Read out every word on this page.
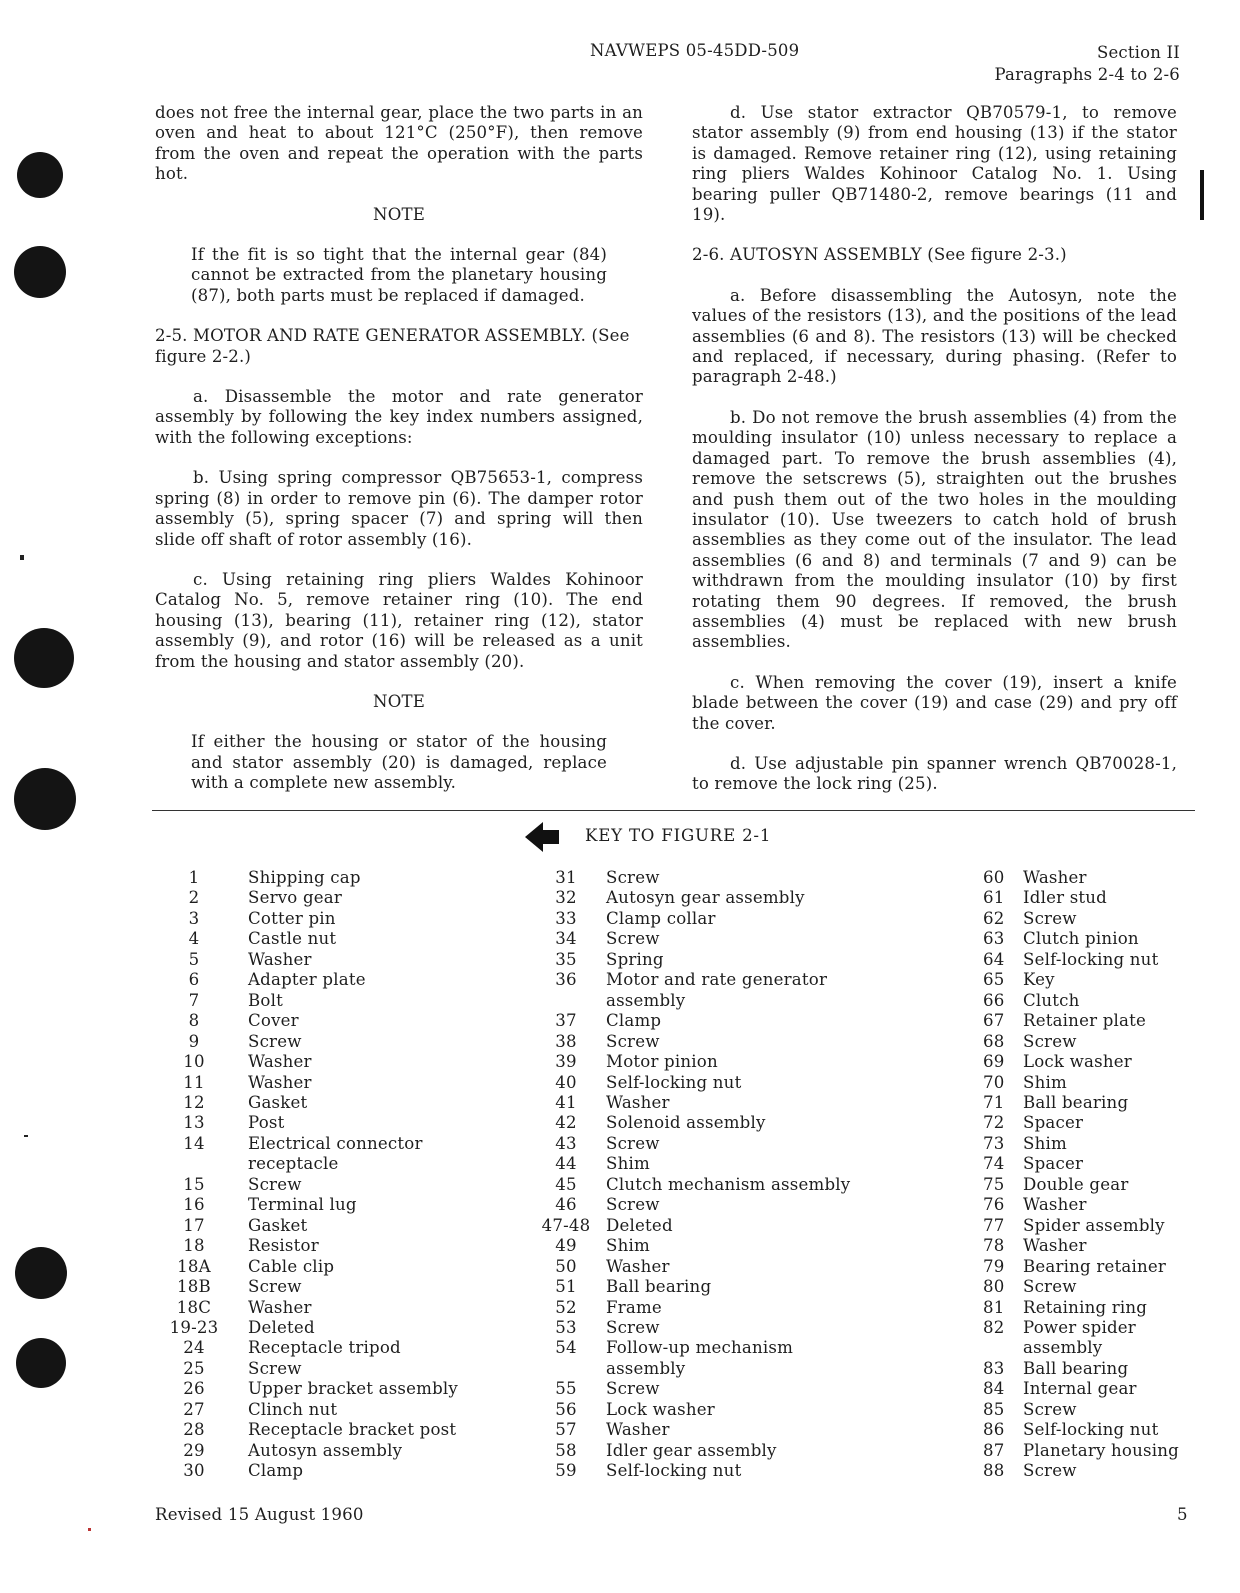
NAVWEPS 05-45DD-509	Section II
Paragraphs 2-4 to 2-6

does not free the internal gear, place the two parts in an oven and heat to about 121°C (250°F), then remove from the oven and repeat the operation with the parts hot.

NOTE
If the fit is so tight that the internal gear (84) cannot be extracted from the planetary housing (87), both parts must be replaced if damaged.

2-5. MOTOR AND RATE GENERATOR ASSEMBLY. (See figure 2-2.)

a. Disassemble the motor and rate generator assembly by following the key index numbers assigned, with the following exceptions:

b. Using spring compressor QB75653-1, compress spring (8) in order to remove pin (6). The damper rotor assembly (5), spring spacer (7) and spring will then slide off shaft of rotor assembly (16).

c. Using retaining ring pliers Waldes Kohinoor Catalog No. 5, remove retainer ring (10). The end housing (13), bearing (11), retainer ring (12), stator assembly (9), and rotor (16) will be released as a unit from the housing and stator assembly (20).

NOTE
If either the housing or stator of the housing and stator assembly (20) is damaged, replace with a complete new assembly.

d. Use stator extractor QB70579-1, to remove stator assembly (9) from end housing (13) if the stator is damaged. Remove retainer ring (12), using retaining ring pliers Waldes Kohinoor Catalog No. 1. Using bearing puller QB71480-2, remove bearings (11 and 19).

2-6. AUTOSYN ASSEMBLY (See figure 2-3.)

a. Before disassembling the Autosyn, note the values of the resistors (13), and the positions of the lead assemblies (6 and 8). The resistors (13) will be checked and replaced, if necessary, during phasing. (Refer to paragraph 2-48.)

b. Do not remove the brush assemblies (4) from the moulding insulator (10) unless necessary to replace a damaged part. To remove the brush assemblies (4), remove the setscrews (5), straighten out the brushes and push them out of the two holes in the moulding insulator (10). Use tweezers to catch hold of brush assemblies as they come out of the insulator. The lead assemblies (6 and 8) and terminals (7 and 9) can be withdrawn from the moulding insulator (10) by first rotating them 90 degrees. If removed, the brush assemblies (4) must be replaced with new brush assemblies.

c. When removing the cover (19), insert a knife blade between the cover (19) and case (29) and pry off the cover.

d. Use adjustable pin spanner wrench QB70028-1, to remove the lock ring (25).

KEY TO FIGURE 2-1
1	Shipping cap
2	Servo gear
3	Cotter pin
4	Castle nut
5	Washer
6	Adapter plate
7	Bolt
8	Cover
9	Screw
10	Washer
11	Washer
12	Gasket
13	Post
14	Electrical connector
receptacle
15	Screw
16	Terminal lug
17	Gasket
18	Resistor
18A	Cable clip
18B	Screw
18C	Washer
19-23	Deleted
24	Receptacle tripod
25	Screw
26	Upper bracket assembly
27	Clinch nut
28	Receptacle bracket post
29	Autosyn assembly
30	Clamp
31	Screw
32	Autosyn gear assembly
33	Clamp collar
34	Screw
35	Spring
36	Motor and rate generator
assembly
37	Clamp
38	Screw
39	Motor pinion
40	Self-locking nut
41	Washer
42	Solenoid assembly
43	Screw
44	Shim
45	Clutch mechanism assembly
46	Screw
47-48 Deleted
49	Shim
50	Washer
51	Ball bearing
52	Frame
53	Screw
54	Follow-up mechanism
assembly
55	Screw
56	Lock washer
57	Washer
58	Idler gear assembly
59	Self-locking nut
60	Washer
61	Idler stud
62	Screw
63	Clutch pinion
64	Self-locking nut
65	Key
66	Clutch
67	Retainer plate
68	Screw
69	Lock washer
70	Shim
71	Ball bearing
72	Spacer
73	Shim
74	Spacer
75	Double gear
76	Washer
77	Spider assembly
78	Washer
79	Bearing retainer
80	Screw
81	Retaining ring
82	Power spider
assembly
83	Ball bearing
84	Internal gear
85	Screw
86	Self-locking nut
87	Planetary housing
88	Screw
Revised 15 August 1960	5
